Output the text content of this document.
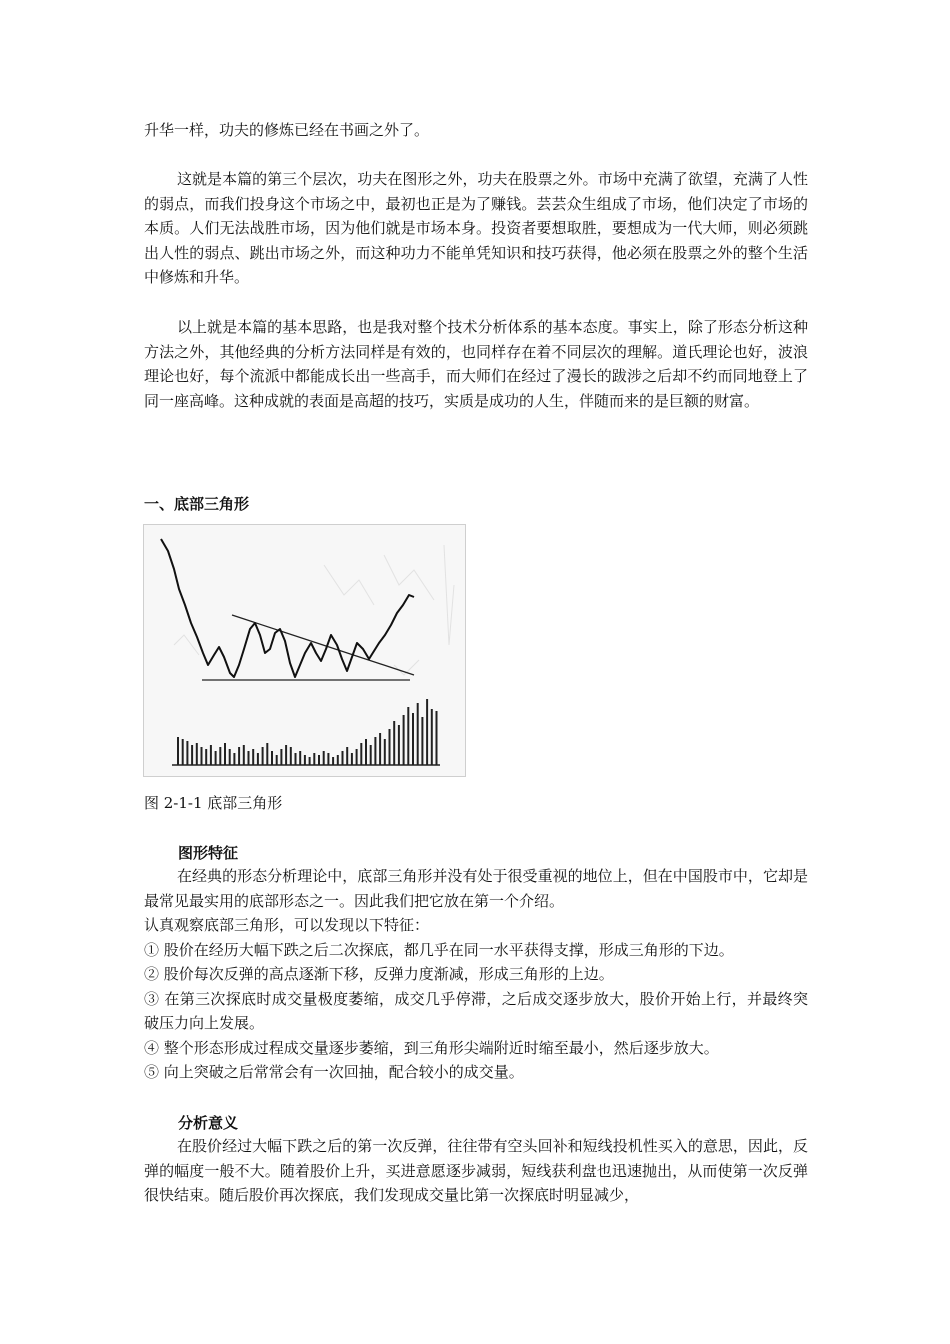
升华一样，功夫的修炼已经在书画之外了。

这就是本篇的第三个层次，功夫在图形之外，功夫在股票之外。市场中充满了欲望，充满了人性的弱点，而我们投身这个市场之中，最初也正是为了赚钱。芸芸众生组成了市场，他们决定了市场的本质。人们无法战胜市场，因为他们就是市场本身。投资者要想取胜，要想成为一代大师，则必须跳出人性的弱点、跳出市场之外，而这种功力不能单凭知识和技巧获得，他必须在股票之外的整个生活中修炼和升华。

以上就是本篇的基本思路，也是我对整个技术分析体系的基本态度。事实上，除了形态分析这种方法之外，其他经典的分析方法同样是有效的，也同样存在着不同层次的理解。道氏理论也好，波浪理论也好，每个流派中都能成长出一些高手，而大师们在经过了漫长的跋涉之后却不约而同地登上了同一座高峰。这种成就的表面是高超的技巧，实质是成功的人生，伴随而来的是巨额的财富。

一、底部三角形
图 2-1-1 底部三角形
图形特征

在经典的形态分析理论中，底部三角形并没有处于很受重视的地位上，但在中国股市中，它却是最常见最实用的底部形态之一。因此我们把它放在第一个介绍。

认真观察底部三角形，可以发现以下特征：
① 股价在经历大幅下跌之后二次探底，都几乎在同一水平获得支撑，形成三角形的下边。
② 股价每次反弹的高点逐渐下移，反弹力度渐减，形成三角形的上边。
③ 在第三次探底时成交量极度萎缩，成交几乎停滞，之后成交逐步放大，股价开始上行，并最终突破压力向上发展。
④ 整个形态形成过程成交量逐步萎缩，到三角形尖端附近时缩至最小，然后逐步放大。
⑤ 向上突破之后常常会有一次回抽，配合较小的成交量。
分析意义

在股价经过大幅下跌之后的第一次反弹，往往带有空头回补和短线投机性买入的意思，因此，反弹的幅度一般不大。随着股价上升，买进意愿逐步减弱，短线获利盘也迅速抛出，从而使第一次反弹很快结束。随后股价再次探底，我们发现成交量比第一次探底时明显减少，
